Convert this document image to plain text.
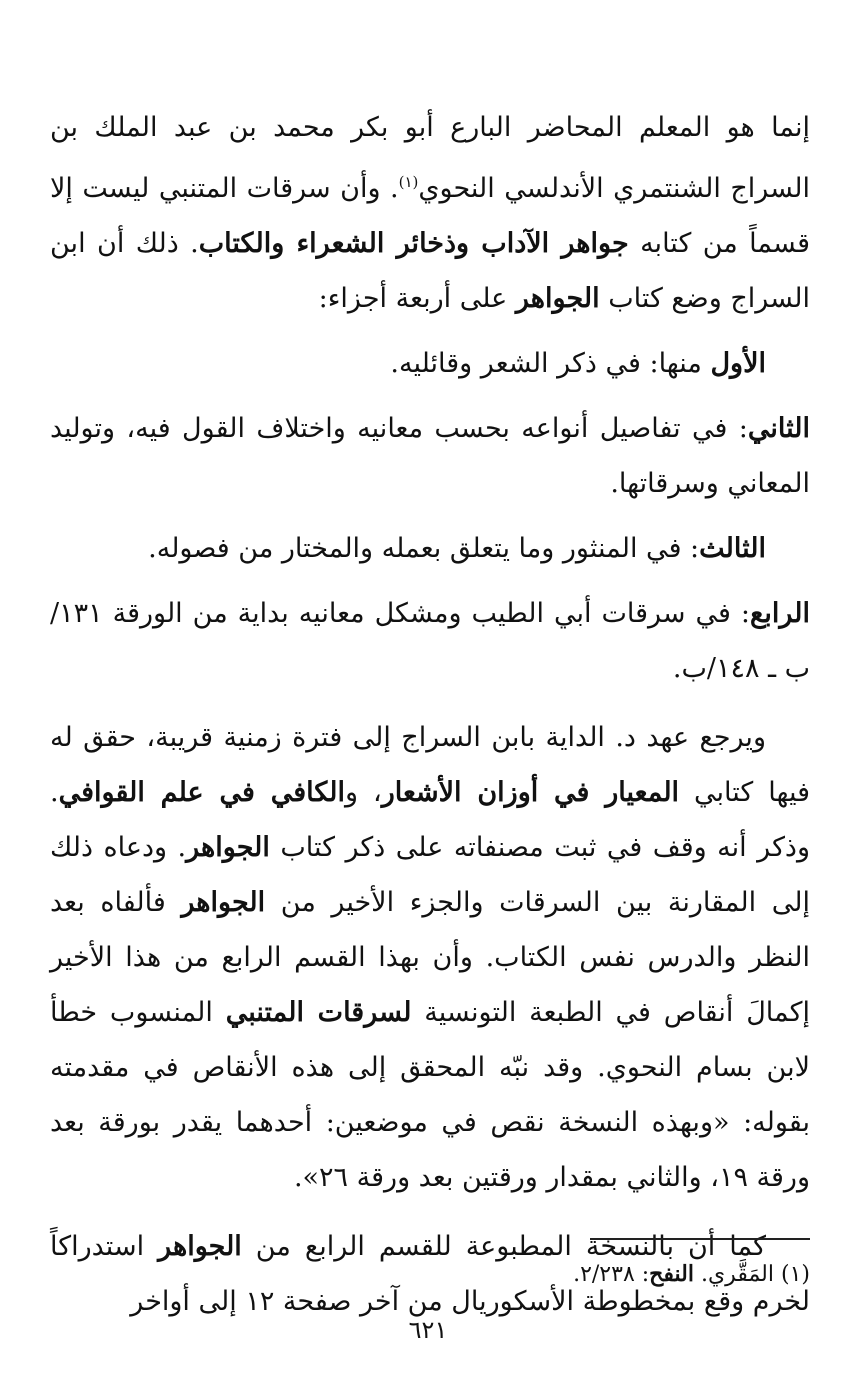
إنما هو المعلم المحاضر البارع أبو بكر محمد بن عبد الملك بن السراج الشنتمري الأندلسي النحوي$^{(١)}$. وأن سرقات المتنبي ليست إلا قسماً من كتابه جواهر الآداب وذخائر الشعراء والكتاب. ذلك أن ابن السراج وضع كتاب الجواهر على أربعة أجزاء:

الأول منها: في ذكر الشعر وقائليه.

الثاني: في تفاصيل أنواعه بحسب معانيه واختلاف القول فيه، وتوليد المعاني وسرقاتها.

الثالث: في المنثور وما يتعلق بعمله والمختار من فصوله.

الرابع: في سرقات أبي الطيب ومشكل معانيه بداية من الورقة ١٣١/ب ـ ١٤٨/ب.

ويرجع عهد د. الداية بابن السراج إلى فترة زمنية قريبة، حقق له فيها كتابي المعيار في أوزان الأشعار، والكافي في علم القوافي. وذكر أنه وقف في ثبت مصنفاته على ذكر كتاب الجواهر. ودعاه ذلك إلى المقارنة بين السرقات والجزء الأخير من الجواهر فألفاه بعد النظر والدرس نفس الكتاب. وأن بهذا القسم الرابع من هذا الأخير إكمالَ أنقاص في الطبعة التونسية لسرقات المتنبي المنسوب خطأ لابن بسام النحوي. وقد نبّه المحقق إلى هذه الأنقاص في مقدمته بقوله: «وبهذه النسخة نقص في موضعين: أحدهما يقدر بورقة بعد ورقة ١٩، والثاني بمقدار ورقتين بعد ورقة ٢٦».

كما أن بالنسخة المطبوعة للقسم الرابع من الجواهر استدراكاً لخرم وقع بمخطوطة الأسكوريال من آخر صفحة ١٢ إلى أواخر

(١) المَقَّري. النفح: ٢/٢٣٨.
٦٢١
